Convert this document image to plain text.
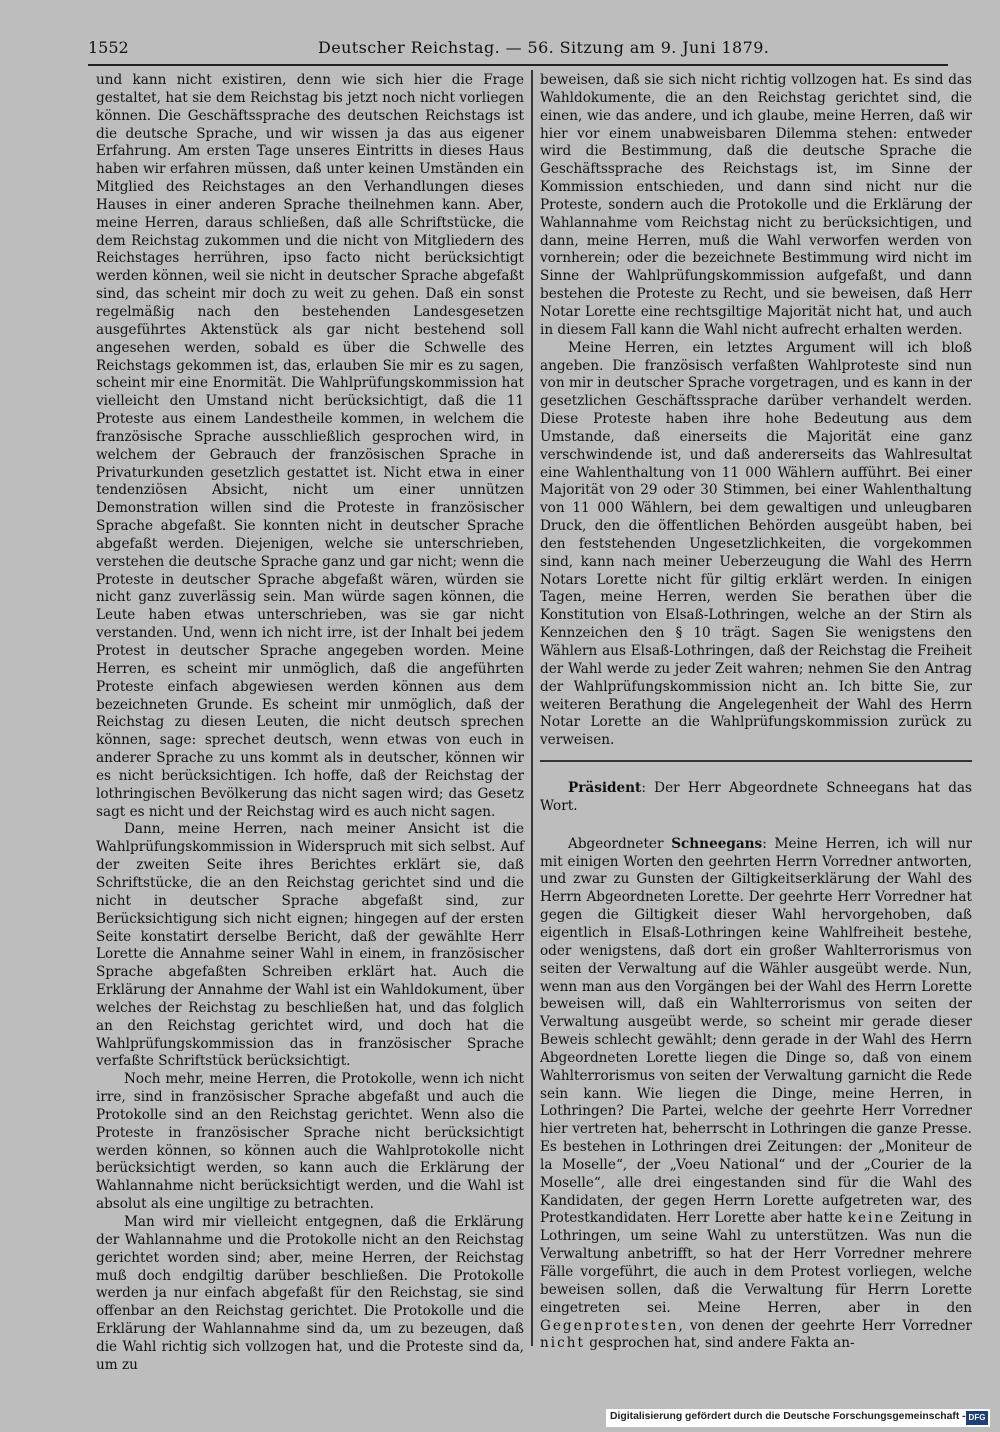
1552	Deutscher Reichstag. — 56. Sitzung am 9. Juni 1879.

und kann nicht existiren, denn wie sich hier die Frage gestaltet, hat sie dem Reichstag bis jetzt noch nicht vorliegen können. Die Geschäftssprache des deutschen Reichstags ist die deutsche Sprache, und wir wissen ja das aus eigener Erfahrung. Am ersten Tage unseres Eintritts in dieses Haus haben wir erfahren müssen, daß unter keinen Umständen ein Mitglied des Reichstages an den Verhandlungen dieses Hauses in einer anderen Sprache theilnehmen kann. Aber, meine Herren, daraus schließen, daß alle Schriftstücke, die dem Reichstag zukommen und die nicht von Mitgliedern des Reichstages herrühren, ipso facto nicht berücksichtigt werden können, weil sie nicht in deutscher Sprache abgefaßt sind, das scheint mir doch zu weit zu gehen. Daß ein sonst regelmäßig nach den bestehenden Landesgesetzen ausgeführtes Aktenstück als gar nicht bestehend soll angesehen werden, sobald es über die Schwelle des Reichstags gekommen ist, das, erlauben Sie mir es zu sagen, scheint mir eine Enormität. Die Wahlprüfungskommission hat vielleicht den Umstand nicht berücksichtigt, daß die 11 Proteste aus einem Landestheile kommen, in welchem die französische Sprache ausschließlich gesprochen wird, in welchem der Gebrauch der französischen Sprache in Privaturkunden gesetzlich gestattet ist. Nicht etwa in einer tendenziösen Absicht, nicht um einer unnützen Demonstration willen sind die Proteste in französischer Sprache abgefaßt. Sie konnten nicht in deutscher Sprache abgefaßt werden. Diejenigen, welche sie unterschrieben, verstehen die deutsche Sprache ganz und gar nicht; wenn die Proteste in deutscher Sprache abgefaßt wären, würden sie nicht ganz zuverlässig sein. Man würde sagen können, die Leute haben etwas unterschrieben, was sie gar nicht verstanden. Und, wenn ich nicht irre, ist der Inhalt bei jedem Protest in deutscher Sprache angegeben worden. Meine Herren, es scheint mir unmöglich, daß die angeführten Proteste einfach abgewiesen werden können aus dem bezeichneten Grunde. Es scheint mir unmöglich, daß der Reichstag zu diesen Leuten, die nicht deutsch sprechen können, sage: sprechet deutsch, wenn etwas von euch in anderer Sprache zu uns kommt als in deutscher, können wir es nicht berücksichtigen. Ich hoffe, daß der Reichstag der lothringischen Bevölkerung das nicht sagen wird; das Gesetz sagt es nicht und der Reichstag wird es auch nicht sagen.

Dann, meine Herren, nach meiner Ansicht ist die Wahlprüfungskommission in Widerspruch mit sich selbst. Auf der zweiten Seite ihres Berichtes erklärt sie, daß Schriftstücke, die an den Reichstag gerichtet sind und die nicht in deutscher Sprache abgefaßt sind, zur Berücksichtigung sich nicht eignen; hingegen auf der ersten Seite konstatirt derselbe Bericht, daß der gewählte Herr Lorette die Annahme seiner Wahl in einem, in französischer Sprache abgefaßten Schreiben erklärt hat. Auch die Erklärung der Annahme der Wahl ist ein Wahldokument, über welches der Reichstag zu beschließen hat, und das folglich an den Reichstag gerichtet wird, und doch hat die Wahlprüfungskommission das in französischer Sprache verfaßte Schriftstück berücksichtigt.

Noch mehr, meine Herren, die Protokolle, wenn ich nicht irre, sind in französischer Sprache abgefaßt und auch die Protokolle sind an den Reichstag gerichtet. Wenn also die Proteste in französischer Sprache nicht berücksichtigt werden können, so können auch die Wahlprotokolle nicht berücksichtigt werden, so kann auch die Erklärung der Wahlannahme nicht berücksichtigt werden, und die Wahl ist absolut als eine ungiltige zu betrachten.

Man wird mir vielleicht entgegnen, daß die Erklärung der Wahlannahme und die Protokolle nicht an den Reichstag gerichtet worden sind; aber, meine Herren, der Reichstag muß doch endgiltig darüber beschließen. Die Protokolle werden ja nur einfach abgefaßt für den Reichstag, sie sind offenbar an den Reichstag gerichtet. Die Protokolle und die Erklärung der Wahlannahme sind da, um zu bezeugen, daß die Wahl richtig sich vollzogen hat, und die Proteste sind da, um zu

beweisen, daß sie sich nicht richtig vollzogen hat. Es sind das Wahldokumente, die an den Reichstag gerichtet sind, die einen, wie das andere, und ich glaube, meine Herren, daß wir hier vor einem unabweisbaren Dilemma stehen: entweder wird die Bestimmung, daß die deutsche Sprache die Geschäftssprache des Reichstags ist, im Sinne der Kommission entschieden, und dann sind nicht nur die Proteste, sondern auch die Protokolle und die Erklärung der Wahlannahme vom Reichstag nicht zu berücksichtigen, und dann, meine Herren, muß die Wahl verworfen werden von vornherein; oder die bezeichnete Bestimmung wird nicht im Sinne der Wahlprüfungskommission aufgefaßt, und dann bestehen die Proteste zu Recht, und sie beweisen, daß Herr Notar Lorette eine rechtsgiltige Majorität nicht hat, und auch in diesem Fall kann die Wahl nicht aufrecht erhalten werden.

Meine Herren, ein letztes Argument will ich bloß angeben. Die französisch verfaßten Wahlproteste sind nun von mir in deutscher Sprache vorgetragen, und es kann in der gesetzlichen Geschäftssprache darüber verhandelt werden. Diese Proteste haben ihre hohe Bedeutung aus dem Umstande, daß einerseits die Majorität eine ganz verschwindende ist, und daß andererseits das Wahlresultat eine Wahlenthaltung von 11 000 Wählern aufführt. Bei einer Majorität von 29 oder 30 Stimmen, bei einer Wahlenthaltung von 11 000 Wählern, bei dem gewaltigen und unleugbaren Druck, den die öffentlichen Behörden ausgeübt haben, bei den feststehenden Ungesetzlichkeiten, die vorgekommen sind, kann nach meiner Ueberzeugung die Wahl des Herrn Notars Lorette nicht für giltig erklärt werden. In einigen Tagen, meine Herren, werden Sie berathen über die Konstitution von Elsaß-Lothringen, welche an der Stirn als Kennzeichen den § 10 trägt. Sagen Sie wenigstens den Wählern aus Elsaß-Lothringen, daß der Reichstag die Freiheit der Wahl werde zu jeder Zeit wahren; nehmen Sie den Antrag der Wahlprüfungskommission nicht an. Ich bitte Sie, zur weiteren Berathung die Angelegenheit der Wahl des Herrn Notar Lorette an die Wahlprüfungskommission zurück zu verweisen.

Präsident: Der Herr Abgeordnete Schneegans hat das Wort.

Abgeordneter Schneegans: Meine Herren, ich will nur mit einigen Worten den geehrten Herrn Vorredner antworten, und zwar zu Gunsten der Giltigkeitserklärung der Wahl des Herrn Abgeordneten Lorette. Der geehrte Herr Vorredner hat gegen die Giltigkeit dieser Wahl hervorgehoben, daß eigentlich in Elsaß-Lothringen keine Wahlfreiheit bestehe, oder wenigstens, daß dort ein großer Wahlterrorismus von seiten der Verwaltung auf die Wähler ausgeübt werde. Nun, wenn man aus den Vorgängen bei der Wahl des Herrn Lorette beweisen will, daß ein Wahlterrorismus von seiten der Verwaltung ausgeübt werde, so scheint mir gerade dieser Beweis schlecht gewählt; denn gerade in der Wahl des Herrn Abgeordneten Lorette liegen die Dinge so, daß von einem Wahlterrorismus von seiten der Verwaltung garnicht die Rede sein kann. Wie liegen die Dinge, meine Herren, in Lothringen? Die Partei, welche der geehrte Herr Vorredner hier vertreten hat, beherrscht in Lothringen die ganze Presse. Es bestehen in Lothringen drei Zeitungen: der „Moniteur de la Moselle“, der „Voeu National“ und der „Courier de la Moselle“, alle drei eingestanden sind für die Wahl des Kandidaten, der gegen Herrn Lorette aufgetreten war, des Protestkandidaten. Herr Lorette aber hatte keine Zeitung in Lothringen, um seine Wahl zu unterstützen. Was nun die Verwaltung anbetrifft, so hat der Herr Vorredner mehrere Fälle vorgeführt, die auch in dem Protest vorliegen, welche beweisen sollen, daß die Verwaltung für Herrn Lorette eingetreten sei. Meine Herren, aber in den Gegenprotesten, von denen der geehrte Herr Vorredner nicht gesprochen hat, sind andere Fakta an-

Digitalisierung gefördert durch die Deutsche Forschungsgemeinschaft - DFG
